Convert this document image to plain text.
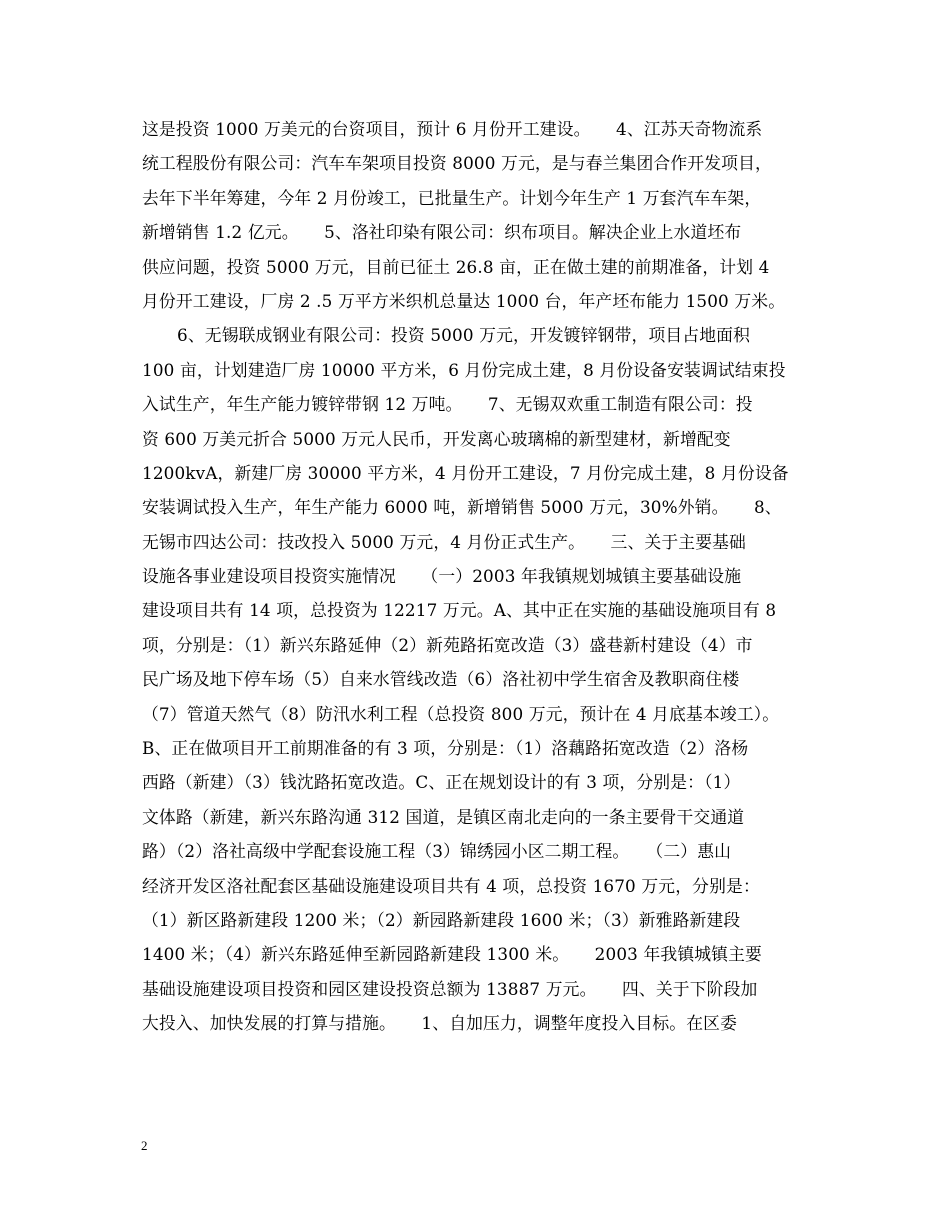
这是投资 1000 万美元的台资项目，预计 6 月份开工建设。　　4、江苏天奇物流系
统工程股份有限公司：汽车车架项目投资 8000 万元，是与春兰集团合作开发项目，
去年下半年筹建，今年 2 月份竣工，已批量生产。计划今年生产 1 万套汽车车架，
新增销售 1.2 亿元。　　5、洛社印染有限公司：织布项目。解决企业上水道坯布
供应问题，投资 5000 万元，目前已征土 26.8 亩，正在做土建的前期准备，计划 4
月份开工建设，厂房 2 .5 万平方米织机总量达 1000 台，年产坯布能力 1500 万米。
6、无锡联成钢业有限公司：投资 5000 万元，开发镀锌钢带，项目占地面积
100 亩，计划建造厂房 10000 平方米，6 月份完成土建，8 月份设备安装调试结束投
入试生产，年生产能力镀锌带钢 12 万吨。　　7、无锡双欢重工制造有限公司：投
资 600 万美元折合 5000 万元人民币，开发离心玻璃棉的新型建材，新增配变
1200kvA，新建厂房 30000 平方米，4 月份开工建设，7 月份完成土建，8 月份设备
安装调试投入生产，年生产能力 6000 吨，新增销售 5000 万元，30%外销。　　8、
无锡市四达公司：技改投入 5000 万元，4 月份正式生产。　　三、关于主要基础
设施各事业建设项目投资实施情况　　（一）2003 年我镇规划城镇主要基础设施
建设项目共有 14 项，总投资为 12217 万元。A、其中正在实施的基础设施项目有 8
项，分别是：（1）新兴东路延伸（2）新苑路拓宽改造（3）盛巷新村建设（4）市
民广场及地下停车场（5）自来水管线改造（6）洛社初中学生宿舍及教职商住楼
（7）管道天然气（8）防汛水利工程（总投资 800 万元，预计在 4 月底基本竣工）。
B、正在做项目开工前期准备的有 3 项，分别是：（1）洛藕路拓宽改造（2）洛杨
西路（新建）（3）钱沈路拓宽改造。C、正在规划设计的有 3 项，分别是：（1）
文体路（新建，新兴东路沟通 312 国道，是镇区南北走向的一条主要骨干交通道
路）（2）洛社高级中学配套设施工程（3）锦绣园小区二期工程。　　（二）惠山
经济开发区洛社配套区基础设施建设项目共有 4 项，总投资 1670 万元，分别是：
（1）新区路新建段 1200 米；（2）新园路新建段 1600 米；（3）新雅路新建段
1400 米；（4）新兴东路延伸至新园路新建段 1300 米。　　2003 年我镇城镇主要
基础设施建设项目投资和园区建设投资总额为 13887 万元。　　四、关于下阶段加
大投入、加快发展的打算与措施。　　1、自加压力，调整年度投入目标。在区委
2
